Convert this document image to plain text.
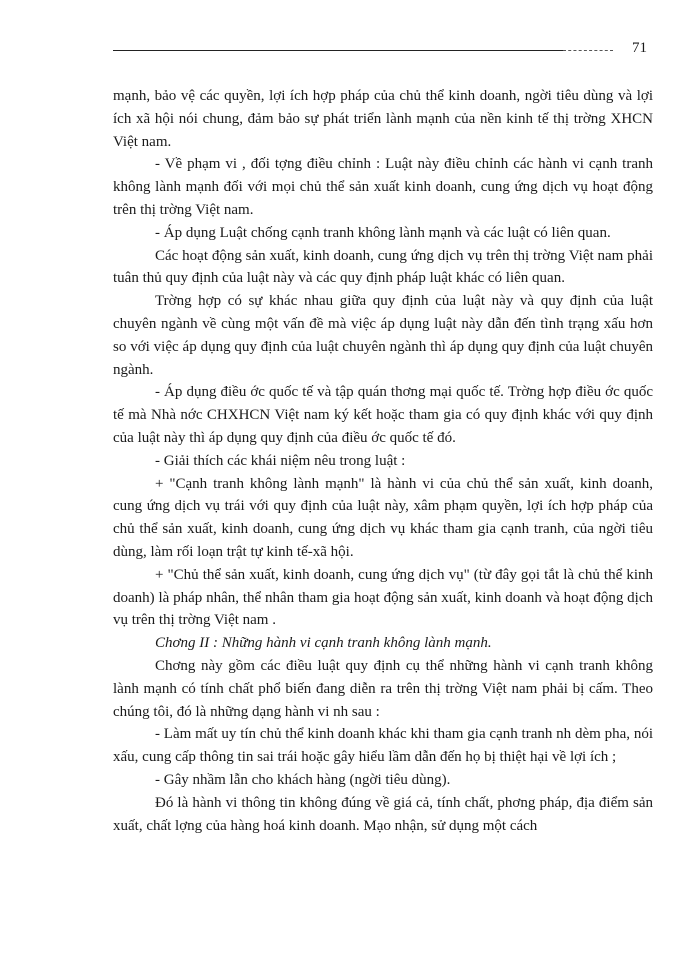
71

mạnh, bảo vệ các quyền, lợi ích hợp pháp của chủ thể kinh doanh, ngời tiêu dùng và lợi ích xã hội nói chung, đảm bảo sự phát triển lành mạnh của nền kinh tế thị trờng XHCN Việt nam.

- Về phạm vi , đối tợng điều chỉnh : Luật này điều chỉnh các hành vi cạnh tranh không lành mạnh đối với mọi chủ thể sản xuất kinh doanh, cung ứng dịch vụ hoạt động trên thị trờng Việt nam.

- Áp dụng Luật chống cạnh tranh không lành mạnh và các luật có liên quan.

Các hoạt động sản xuất, kinh doanh, cung ứng dịch vụ trên thị trờng Việt nam phải tuân thủ quy định của luật này và các quy định pháp luật khác có liên quan.

Trờng hợp có sự khác nhau giữa quy định của luật này và quy định của luật chuyên ngành về cùng một vấn đề mà việc áp dụng luật này dẫn đến tình trạng xấu hơn so với việc áp dụng quy định của luật chuyên ngành thì áp dụng quy định của luật chuyên ngành.

- Áp dụng điều ớc quốc tế và tập quán thơng mại quốc tế. Trờng hợp điều ớc quốc tế mà Nhà nớc CHXHCN Việt nam ký kết hoặc tham gia có quy định khác với quy định của luật này thì áp dụng quy định của điều ớc quốc tế đó.

- Giải thích các khái niệm nêu trong luật :

+ "Cạnh tranh không lành mạnh" là hành vi của chủ thể sản xuất, kinh doanh, cung ứng dịch vụ trái với quy định của luật này, xâm phạm quyền, lợi ích hợp pháp của chủ thể sản xuất, kinh doanh, cung ứng dịch vụ khác tham gia cạnh tranh, của ngời tiêu dùng, làm rối loạn trật tự kinh tế-xã hội.

+ "Chủ thể sản xuất, kinh doanh, cung ứng dịch vụ" (từ đây gọi tắt là chủ thể kinh doanh) là pháp nhân, thể nhân tham gia hoạt động sản xuất, kinh doanh và hoạt động dịch vụ trên thị trờng Việt nam .

Chơng II : Những hành vi cạnh tranh không lành mạnh.

Chơng này gồm các điều luật quy định cụ thể những hành vi cạnh tranh không lành mạnh có tính chất phổ biến đang diễn ra trên thị trờng Việt nam phải bị cấm. Theo chúng tôi, đó là những dạng hành vi nh sau :

- Làm mất uy tín chủ thể kinh doanh khác khi tham gia cạnh tranh nh dèm pha, nói xấu, cung cấp thông tin sai trái hoặc gây hiểu lầm dẫn đến họ bị thiệt hại về lợi ích ;

- Gây nhầm lẫn cho khách hàng (ngời tiêu dùng).

Đó là hành vi thông tin không đúng về giá cả, tính chất, phơng pháp, địa điểm sản xuất, chất lợng của hàng hoá kinh doanh. Mạo nhận, sử dụng một cách
